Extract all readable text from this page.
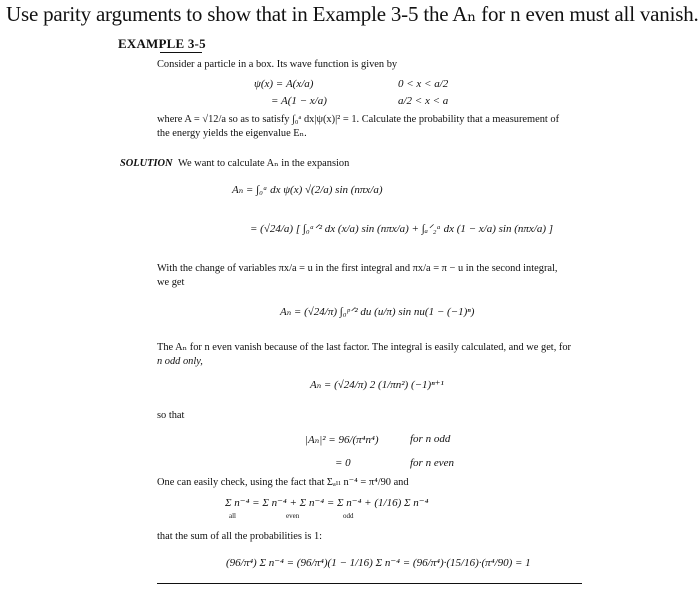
Use parity arguments to show that in Example 3-5 the Aₙ for n even must all vanish.
EXAMPLE 3-5
Consider a particle in a box. Its wave function is given by
ψ(x) = A(x/a)	0 < x < a/2
= A(1 − x/a)	a/2 < x < a
where A = √12/a so as to satisfy ∫₀ᵃ dx|ψ(x)|² = 1. Calculate the probability that a measurement of
the energy yields the eigenvalue Eₙ.
SOLUTION We want to calculate Aₙ in the expansion
Aₙ = ∫₀ᵃ dx ψ(x) √(2/a) sin (nπx/a)
= (√24/a) [ ∫₀ᵃᐟ² dx (x/a) sin (nπx/a) + ∫ₐᐟ₂ᵃ dx (1 − x/a) sin (nπx/a) ]
With the change of variables πx/a = u in the first integral and πx/a = π − u in the second integral,
we get
Aₙ = (√24/π) ∫₀ᵖᐟ² du (u/π) sin nu(1 − (−1)ⁿ)
The Aₙ for n even vanish because of the last factor. The integral is easily calculated, and we get, for
n odd only,
Aₙ = (√24/π) 2 (1/πn²) (−1)ⁿ⁺¹
so that
|Aₙ|² = 96/(π⁴n⁴)	for n odd
= 0	for n even
One can easily check, using the fact that Σₐₗₗ n⁻⁴ = π⁴/90 and
Σ n⁻⁴ = Σ n⁻⁴ + Σ n⁻⁴ = Σ n⁻⁴ + (1/16) Σ n⁻⁴
all	even	odd
that the sum of all the probabilities is 1:
(96/π⁴) Σ n⁻⁴ = (96/π⁴)(1 − 1/16) Σ n⁻⁴ = (96/π⁴)·(15/16)·(π⁴/90) = 1
